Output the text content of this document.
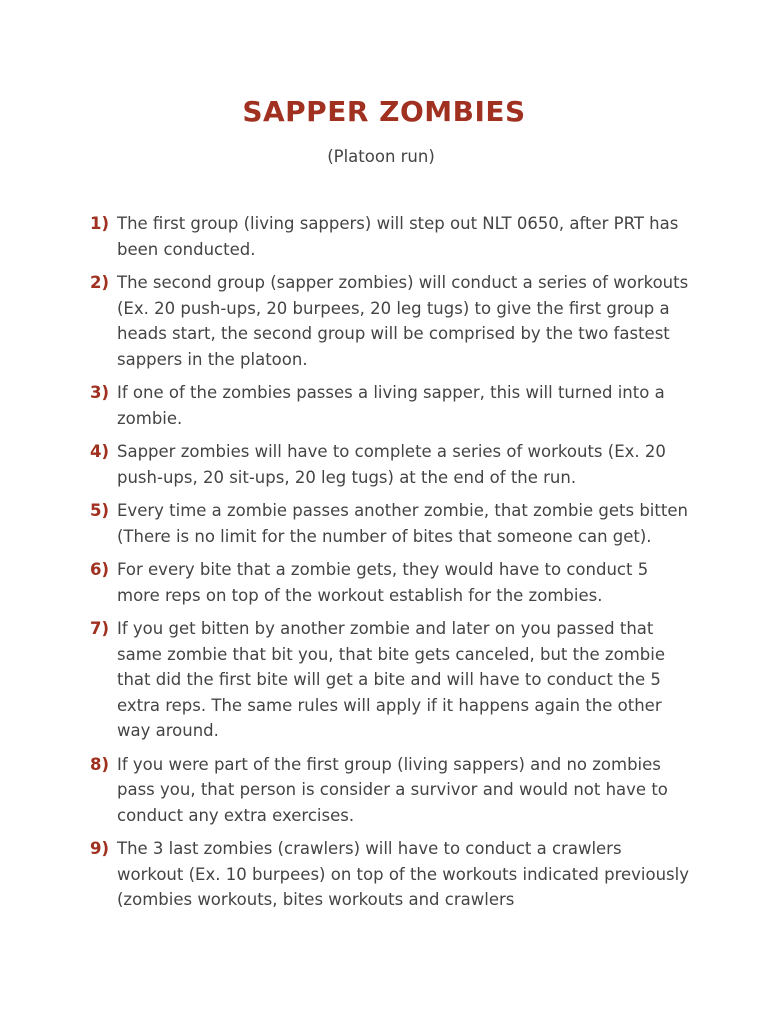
SAPPER ZOMBIES

(Platoon run)

1) The first group (living sappers) will step out NLT 0650, after PRT has been conducted.
2) The second group (sapper zombies) will conduct a series of workouts (Ex. 20 push-ups, 20 burpees, 20 leg tugs) to give the first group a heads start, the second group will be comprised by the two fastest sappers in the platoon.
3) If one of the zombies passes a living sapper, this will turned into a zombie.
4) Sapper zombies will have to complete a series of workouts (Ex. 20 push-ups, 20 sit-ups, 20 leg tugs) at the end of the run.
5) Every time a zombie passes another zombie, that zombie gets bitten (There is no limit for the number of bites that someone can get).
6) For every bite that a zombie gets, they would have to conduct 5 more reps on top of the workout establish for the zombies.
7) If you get bitten by another zombie and later on you passed that same zombie that bit you, that bite gets canceled, but the zombie that did the first bite will get a bite and will have to conduct the 5 extra reps. The same rules will apply if it happens again the other way around.
8) If you were part of the first group (living sappers) and no zombies pass you, that person is consider a survivor and would not have to conduct any extra exercises.
9) The 3 last zombies (crawlers) will have to conduct a crawlers workout (Ex. 10 burpees) on top of the workouts indicated previously (zombies workouts, bites workouts and crawlers
